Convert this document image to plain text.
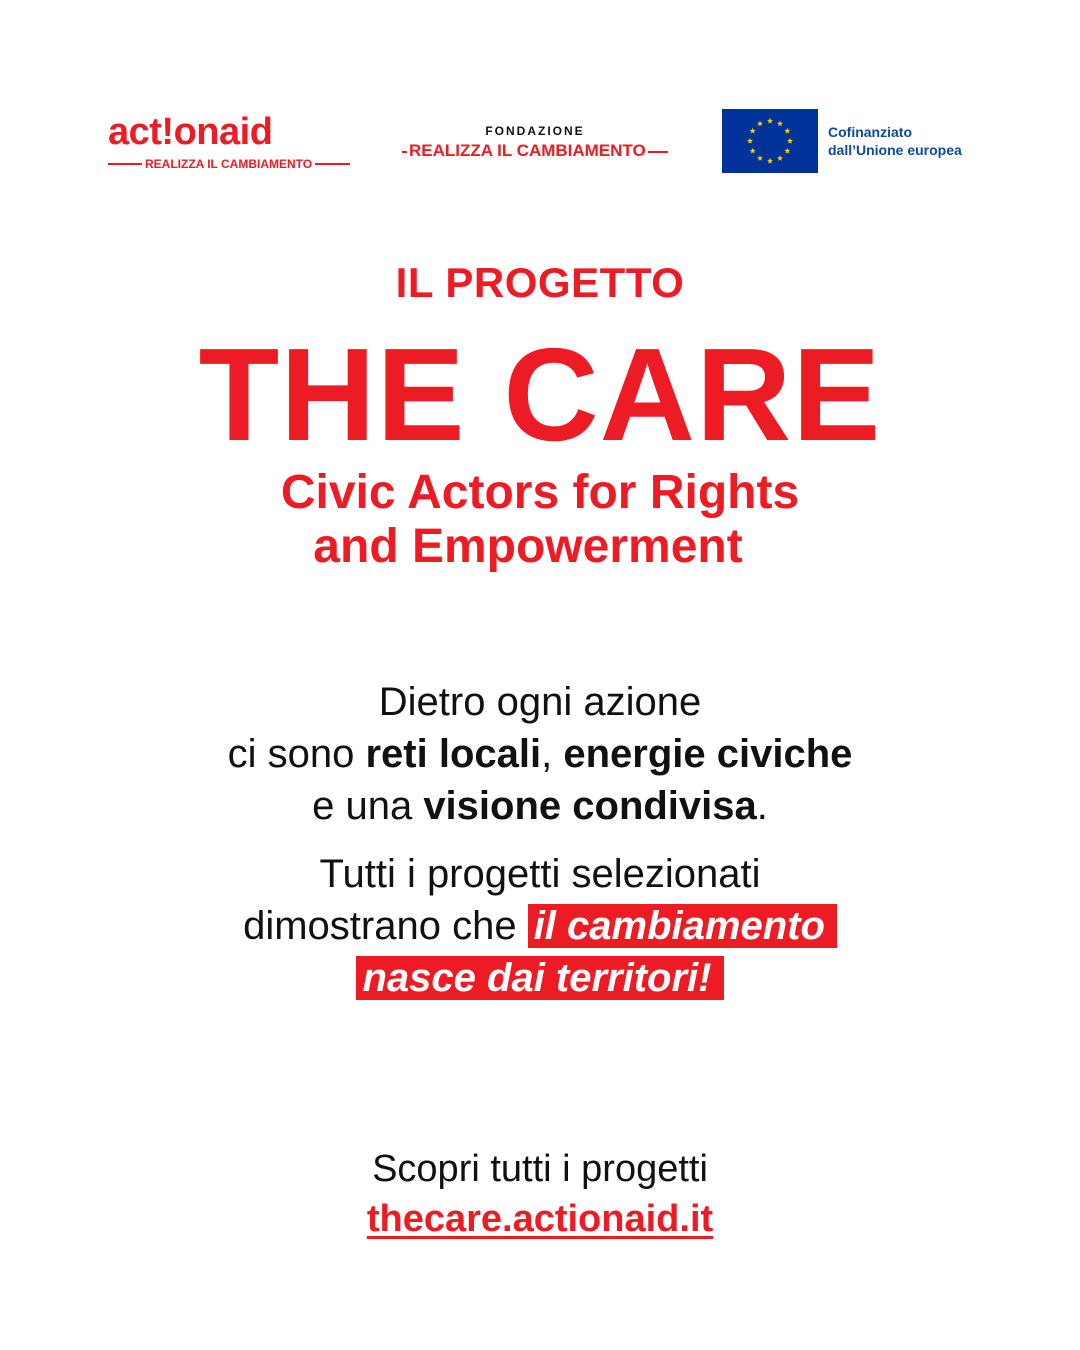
act!onaid
REALIZZA IL CAMBIAMENTO
FONDAZIONE
REALIZZA IL CAMBIAMENTO
Cofinanziato
dall’Unione europea
IL PROGETTO
THE CARE
Civic Actors for Rights
and Empowerment
Dietro ogni azione
ci sono reti locali, energie civiche
e una visione condivisa.
Tutti i progetti selezionati
dimostrano che il cambiamento
nasce dai territori!
Scopri tutti i progetti
thecare.actionaid.it
